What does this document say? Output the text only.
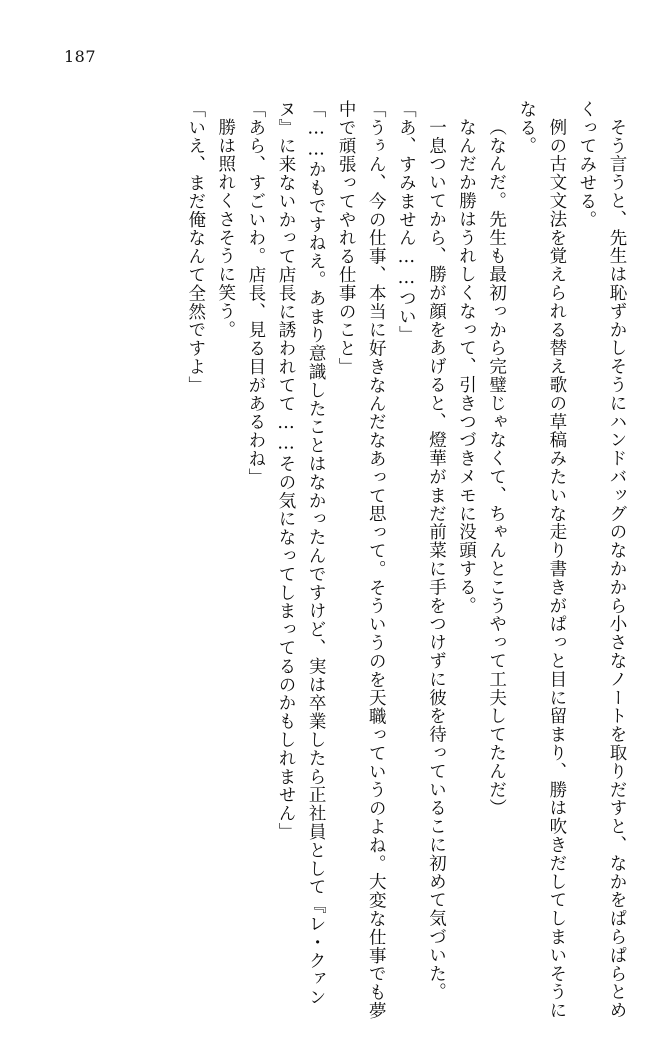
187

そう言うと、先生は恥ずかしそうにハンドバッグのなかから小さなノートを取りだすと、なかをぱらぱらとめくってみせる。

例の古文文法を覚えられる替え歌の草稿みたいな走り書きがぱっと目に留まり、勝は吹きだしてしまいそうになる。

（なんだ。先生も最初っから完璧じゃなくて、ちゃんとこうやって工夫してたんだ）

なんだか勝はうれしくなって、引きつづきメモに没頭する。

一息ついてから、勝が顔をあげると、燈華がまだ前菜に手をつけずに彼を待っているこに初めて気づいた。

「あ、すみません……つい」

「うぅん、今の仕事、本当に好きなんだなあって思って。そういうのを天職っていうのよね。大変な仕事でも夢中で頑張ってやれる仕事のこと」

「……かもですねえ。あまり意識したことはなかったんですけど、実は卒業したら正社員として『レ・クァンヌ』に来ないかって店長に誘われてて……その気になってしまってるのかもしれません」

「あら、すごいわ。店長、見る目があるわね」

勝は照れくさそうに笑う。

「いえ、まだ俺なんて全然ですよ」
